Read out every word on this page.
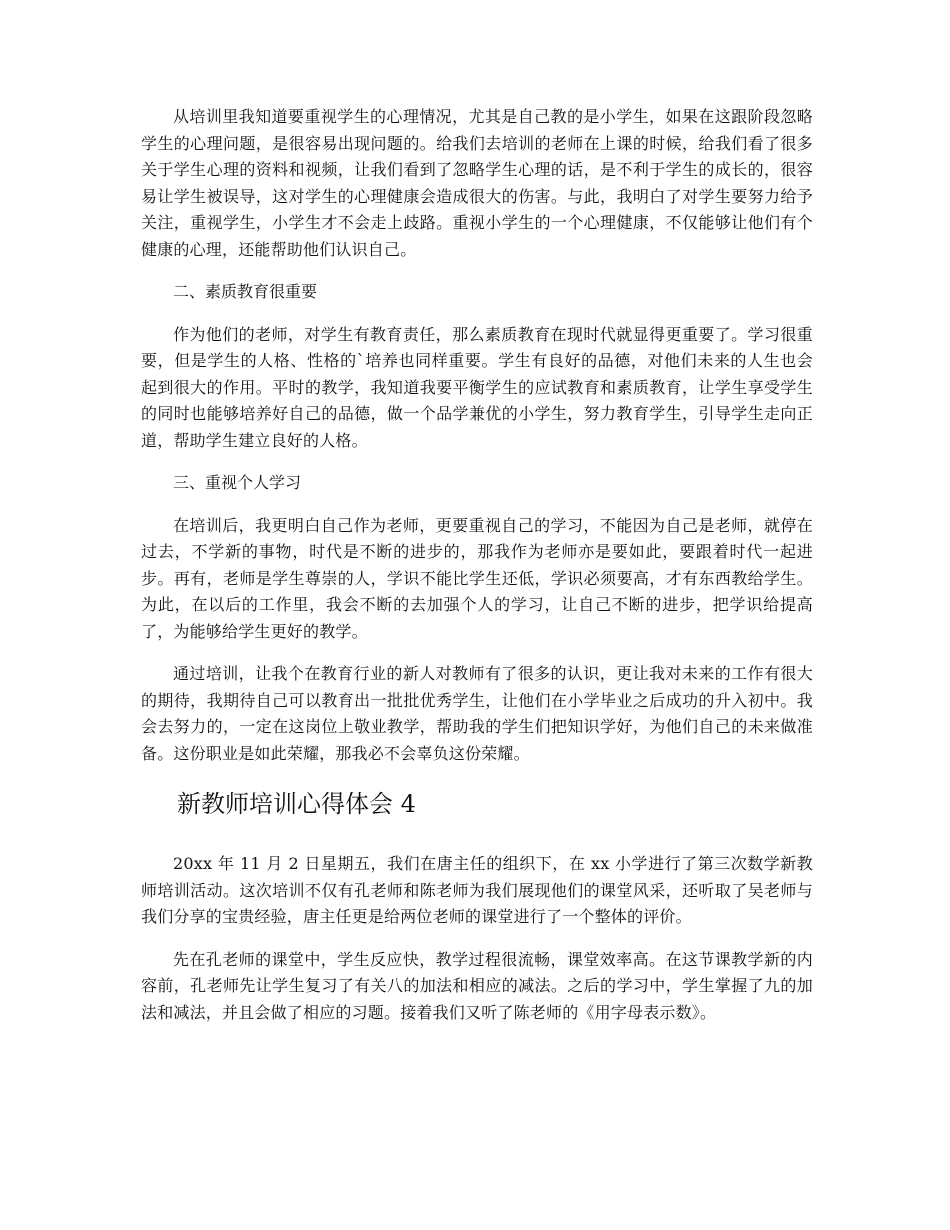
从培训里我知道要重视学生的心理情况，尤其是自己教的是小学生，如果在这跟阶段忽略学生的心理问题，是很容易出现问题的。给我们去培训的老师在上课的时候，给我们看了很多关于学生心理的资料和视频，让我们看到了忽略学生心理的话，是不利于学生的成长的，很容易让学生被误导，这对学生的心理健康会造成很大的伤害。与此，我明白了对学生要努力给予关注，重视学生，小学生才不会走上歧路。重视小学生的一个心理健康，不仅能够让他们有个健康的心理，还能帮助他们认识自己。

二、素质教育很重要

作为他们的老师，对学生有教育责任，那么素质教育在现时代就显得更重要了。学习很重要，但是学生的人格、性格的`培养也同样重要。学生有良好的品德，对他们未来的人生也会起到很大的作用。平时的教学，我知道我要平衡学生的应试教育和素质教育，让学生享受学生的同时也能够培养好自己的品德，做一个品学兼优的小学生，努力教育学生，引导学生走向正道，帮助学生建立良好的人格。

三、重视个人学习

在培训后，我更明白自己作为老师，更要重视自己的学习，不能因为自己是老师，就停在过去，不学新的事物，时代是不断的进步的，那我作为老师亦是要如此，要跟着时代一起进步。再有，老师是学生尊崇的人，学识不能比学生还低，学识必须要高，才有东西教给学生。为此，在以后的工作里，我会不断的去加强个人的学习，让自己不断的进步，把学识给提高了，为能够给学生更好的教学。

通过培训，让我个在教育行业的新人对教师有了很多的认识，更让我对未来的工作有很大的期待，我期待自己可以教育出一批批优秀学生，让他们在小学毕业之后成功的升入初中。我会去努力的，一定在这岗位上敬业教学，帮助我的学生们把知识学好，为他们自己的未来做准备。这份职业是如此荣耀，那我必不会辜负这份荣耀。

新教师培训心得体会 4

20xx 年 11 月 2 日星期五，我们在唐主任的组织下，在 xx 小学进行了第三次数学新教师培训活动。这次培训不仅有孔老师和陈老师为我们展现他们的课堂风采，还听取了吴老师与我们分享的宝贵经验，唐主任更是给两位老师的课堂进行了一个整体的评价。

先在孔老师的课堂中，学生反应快，教学过程很流畅，课堂效率高。在这节课教学新的内容前，孔老师先让学生复习了有关八的加法和相应的减法。之后的学习中，学生掌握了九的加法和减法，并且会做了相应的习题。接着我们又听了陈老师的《用字母表示数》。
